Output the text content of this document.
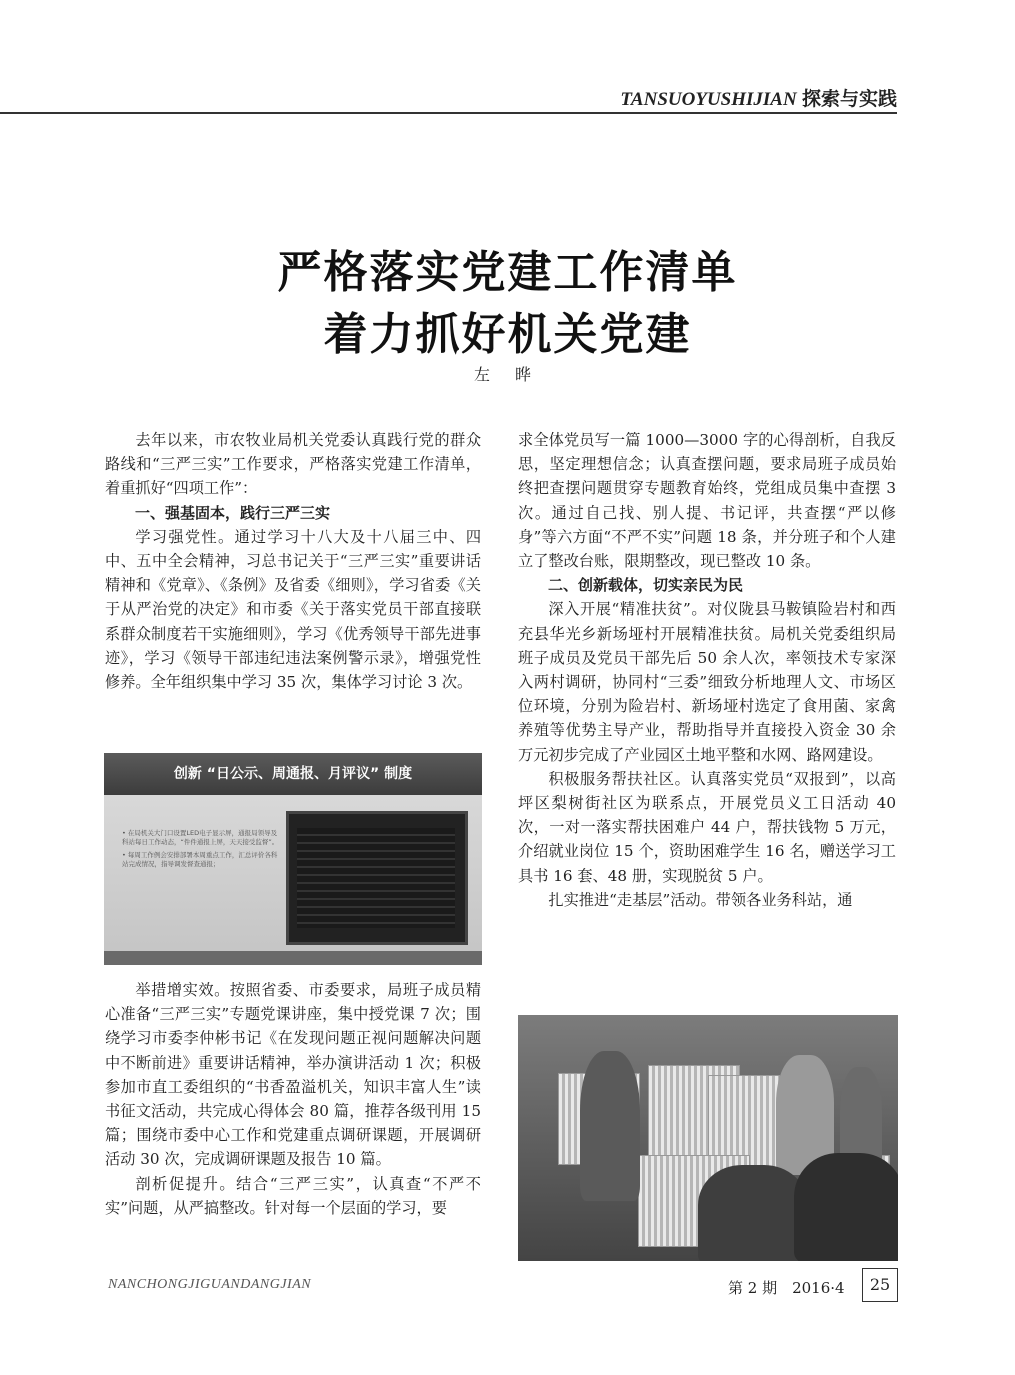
TANSUOYUSHIJIAN 探索与实践
严格落实党建工作清单
着力抓好机关党建
左 晔

去年以来，市农牧业局机关党委认真践行党的群众路线和“三严三实”工作要求，严格落实党建工作清单，着重抓好“四项工作”：

一、强基固本，践行三严三实

学习强党性。通过学习十八大及十八届三中、四中、五中全会精神，习总书记关于“三严三实”重要讲话精神和《党章》、《条例》及省委《细则》，学习省委《关于从严治党的决定》和市委《关于落实党员干部直接联系群众制度若干实施细则》，学习《优秀领导干部先进事迹》，学习《领导干部违纪违法案例警示录》，增强党性修养。全年组织集中学习 35 次，集体学习讨论 3 次。

创新 “日公示、周通报、月评议” 制度
• 在局机关大门口设置LED电子显示屏，通报局领导及科站每日工作动态，“件件通报上屏，天天接受监督”。
• 每周工作例会安排部署本周重点工作，汇总评价各科站完成情况，指导调发督查通报；

举措增实效。按照省委、市委要求，局班子成员精心准备“三严三实”专题党课讲座，集中授党课 7 次；围绕学习市委李仲彬书记《在发现问题正视问题解决问题中不断前进》重要讲话精神，举办演讲活动 1 次；积极参加市直工委组织的“书香盈溢机关，知识丰富人生”读书征文活动，共完成心得体会 80 篇，推荐各级刊用 15 篇；围绕市委中心工作和党建重点调研课题，开展调研活动 30 次，完成调研课题及报告 10 篇。

剖析促提升。结合“三严三实”，认真查“不严不实”问题，从严搞整改。针对每一个层面的学习，要

求全体党员写一篇 1000—3000 字的心得剖析，自我反思，坚定理想信念；认真查摆问题，要求局班子成员始终把查摆问题贯穿专题教育始终，党组成员集中查摆 3 次。通过自己找、别人提、书记评，共查摆“严以修身”等六方面“不严不实”问题 18 条，并分班子和个人建立了整改台账，限期整改，现已整改 10 条。

二、创新载体，切实亲民为民

深入开展“精准扶贫”。对仪陇县马鞍镇险岩村和西充县华光乡新场垭村开展精准扶贫。局机关党委组织局班子成员及党员干部先后 50 余人次，率领技术专家深入两村调研，协同村“三委”细致分析地理人文、市场区位环境，分别为险岩村、新场垭村选定了食用菌、家禽养殖等优势主导产业，帮助指导并直接投入资金 30 余万元初步完成了产业园区土地平整和水网、路网建设。

积极服务帮扶社区。认真落实党员“双报到”，以高坪区梨树街社区为联系点，开展党员义工日活动 40 次，一对一落实帮扶困难户 44 户，帮扶钱物 5 万元，介绍就业岗位 15 个，资助困难学生 16 名，赠送学习工具书 16 套、48 册，实现脱贫 5 户。

扎实推进“走基层”活动。带领各业务科站，通

NANCHONGJIGUANDANGJIAN	第 2 期　2016·4	25
